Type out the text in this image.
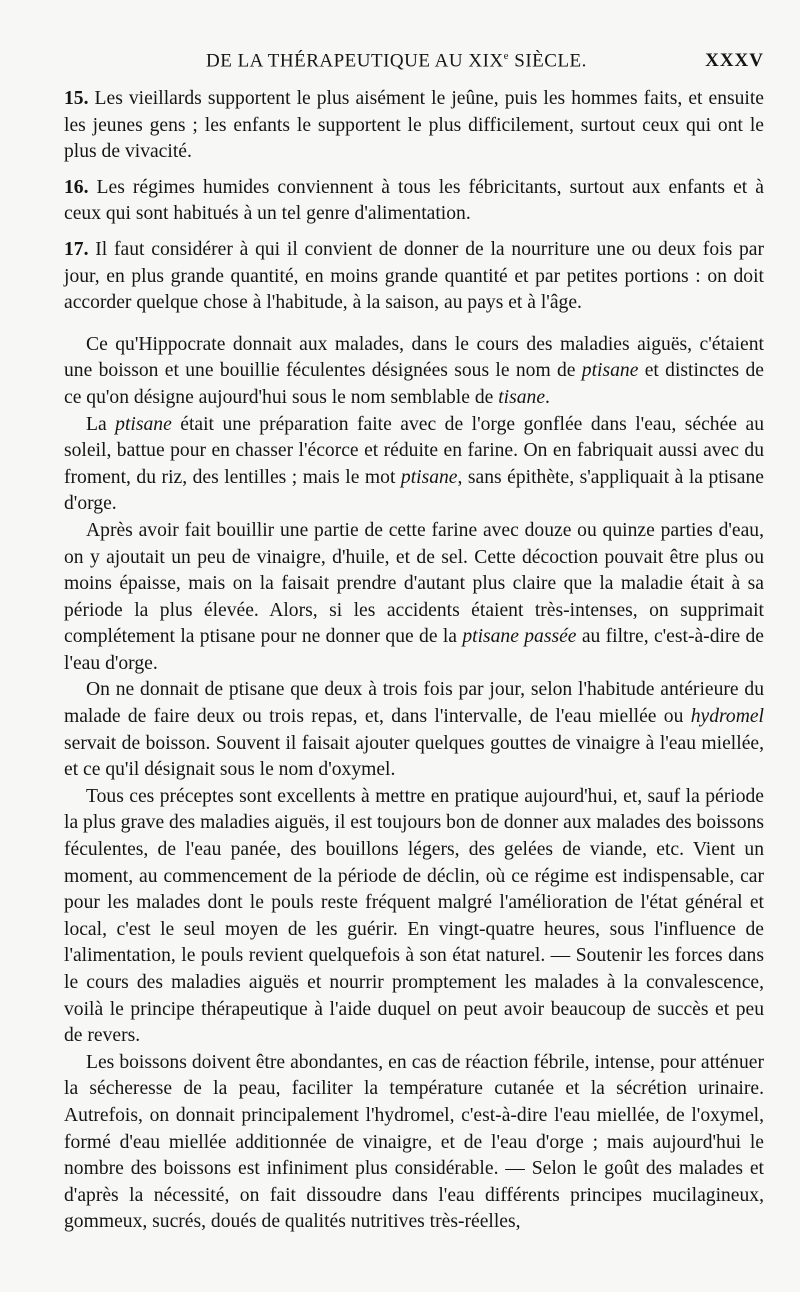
DE LA THÉRAPEUTIQUE AU XIXe SIÈCLE.	XXXV

15. Les vieillards supportent le plus aisément le jeûne, puis les hommes faits, et ensuite les jeunes gens ; les enfants le supportent le plus difficilement, surtout ceux qui ont le plus de vivacité.

16. Les régimes humides conviennent à tous les fébricitants, surtout aux enfants et à ceux qui sont habitués à un tel genre d'alimentation.

17. Il faut considérer à qui il convient de donner de la nourriture une ou deux fois par jour, en plus grande quantité, en moins grande quantité et par petites portions : on doit accorder quelque chose à l'habitude, à la saison, au pays et à l'âge.

Ce qu'Hippocrate donnait aux malades, dans le cours des maladies aiguës, c'étaient une boisson et une bouillie féculentes désignées sous le nom de ptisane et distinctes de ce qu'on désigne aujourd'hui sous le nom semblable de tisane.

La ptisane était une préparation faite avec de l'orge gonflée dans l'eau, séchée au soleil, battue pour en chasser l'écorce et réduite en farine. On en fabriquait aussi avec du froment, du riz, des lentilles ; mais le mot ptisane, sans épithète, s'appliquait à la ptisane d'orge.

Après avoir fait bouillir une partie de cette farine avec douze ou quinze parties d'eau, on y ajoutait un peu de vinaigre, d'huile, et de sel. Cette décoction pouvait être plus ou moins épaisse, mais on la faisait prendre d'autant plus claire que la maladie était à sa période la plus élevée. Alors, si les accidents étaient très-intenses, on supprimait complétement la ptisane pour ne donner que de la ptisane passée au filtre, c'est-à-dire de l'eau d'orge.

On ne donnait de ptisane que deux à trois fois par jour, selon l'habitude antérieure du malade de faire deux ou trois repas, et, dans l'intervalle, de l'eau miellée ou hydromel servait de boisson. Souvent il faisait ajouter quelques gouttes de vinaigre à l'eau miellée, et ce qu'il désignait sous le nom d'oxymel.

Tous ces préceptes sont excellents à mettre en pratique aujourd'hui, et, sauf la période la plus grave des maladies aiguës, il est toujours bon de donner aux malades des boissons féculentes, de l'eau panée, des bouillons légers, des gelées de viande, etc. Vient un moment, au commencement de la période de déclin, où ce régime est indispensable, car pour les malades dont le pouls reste fréquent malgré l'amélioration de l'état général et local, c'est le seul moyen de les guérir. En vingt-quatre heures, sous l'influence de l'alimentation, le pouls revient quelquefois à son état naturel. — Soutenir les forces dans le cours des maladies aiguës et nourrir promptement les malades à la convalescence, voilà le principe thérapeutique à l'aide duquel on peut avoir beaucoup de succès et peu de revers.

Les boissons doivent être abondantes, en cas de réaction fébrile, intense, pour atténuer la sécheresse de la peau, faciliter la température cutanée et la sécrétion urinaire. Autrefois, on donnait principalement l'hydromel, c'est-à-dire l'eau miellée, de l'oxymel, formé d'eau miellée additionnée de vinaigre, et de l'eau d'orge ; mais aujourd'hui le nombre des boissons est infiniment plus considérable. — Selon le goût des malades et d'après la nécessité, on fait dissoudre dans l'eau différents principes mucilagineux, gommeux, sucrés, doués de qualités nutritives très-réelles,
